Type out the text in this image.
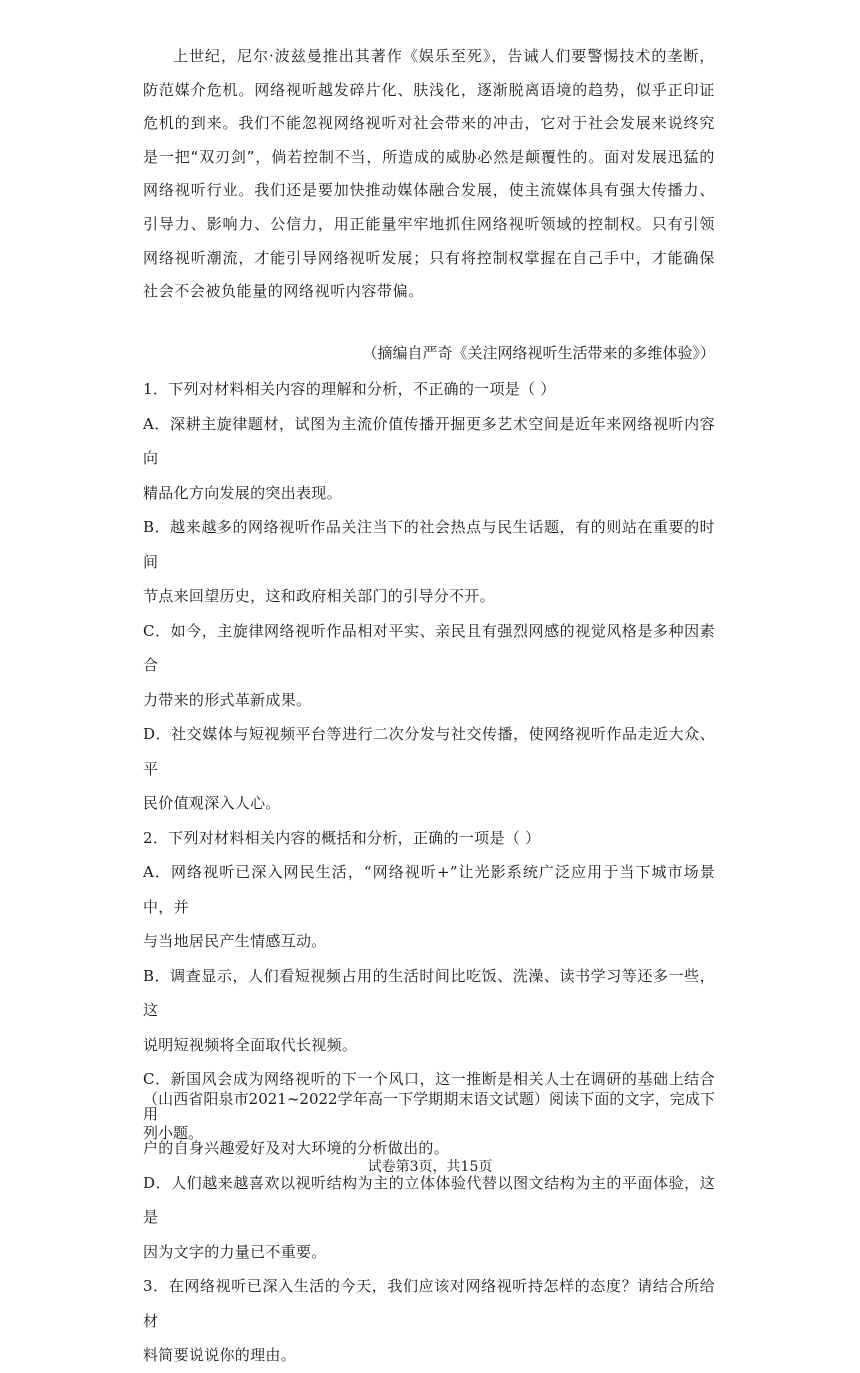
上世纪，尼尔·波兹曼推出其著作《娱乐至死》，告诫人们要警惕技术的垄断，防范媒介危机。网络视听越发碎片化、肤浅化，逐渐脱离语境的趋势，似乎正印证危机的到来。我们不能忽视网络视听对社会带来的冲击，它对于社会发展来说终究是一把“双刃剑”，倘若控制不当，所造成的威胁必然是颠覆性的。面对发展迅猛的网络视听行业。我们还是要加快推动媒体融合发展，使主流媒体具有强大传播力、引导力、影响力、公信力，用正能量牢牢地抓住网络视听领域的控制权。只有引领网络视听潮流，才能引导网络视听发展；只有将控制权掌握在自己手中，才能确保社会不会被负能量的网络视听内容带偏。
（摘编自严奇《关注网络视听生活带来的多维体验》）
1．下列对材料相关内容的理解和分析，不正确的一项是（ ）
A．深耕主旋律题材，试图为主流价值传播开掘更多艺术空间是近年来网络视听内容向
精品化方向发展的突出表现。
B．越来越多的网络视听作品关注当下的社会热点与民生话题，有的则站在重要的时间
节点来回望历史，这和政府相关部门的引导分不开。
C．如今，主旋律网络视听作品相对平实、亲民且有强烈网感的视觉风格是多种因素合
力带来的形式革新成果。
D．社交媒体与短视频平台等进行二次分发与社交传播，使网络视听作品走近大众、平
民价值观深入人心。
2．下列对材料相关内容的概括和分析，正确的一项是（ ）
A．网络视听已深入网民生活，“网络视听+”让光影系统广泛应用于当下城市场景中，并
与当地居民产生情感互动。
B．调查显示，人们看短视频占用的生活时间比吃饭、洗澡、读书学习等还多一些，这
说明短视频将全面取代长视频。
C．新国风会成为网络视听的下一个风口，这一推断是相关人士在调研的基础上结合用
户的自身兴趣爱好及对大环境的分析做出的。
D．人们越来越喜欢以视听结构为主的立体体验代替以图文结构为主的平面体验，这是
因为文字的力量已不重要。
3．在网络视听已深入生活的今天，我们应该对网络视听持怎样的态度？请结合所给材
料简要说说你的理由。
（山西省阳泉市2021~2022学年高一下学期期末语文试题）阅读下面的文字，完成下列小题。
试卷第3页，共15页
